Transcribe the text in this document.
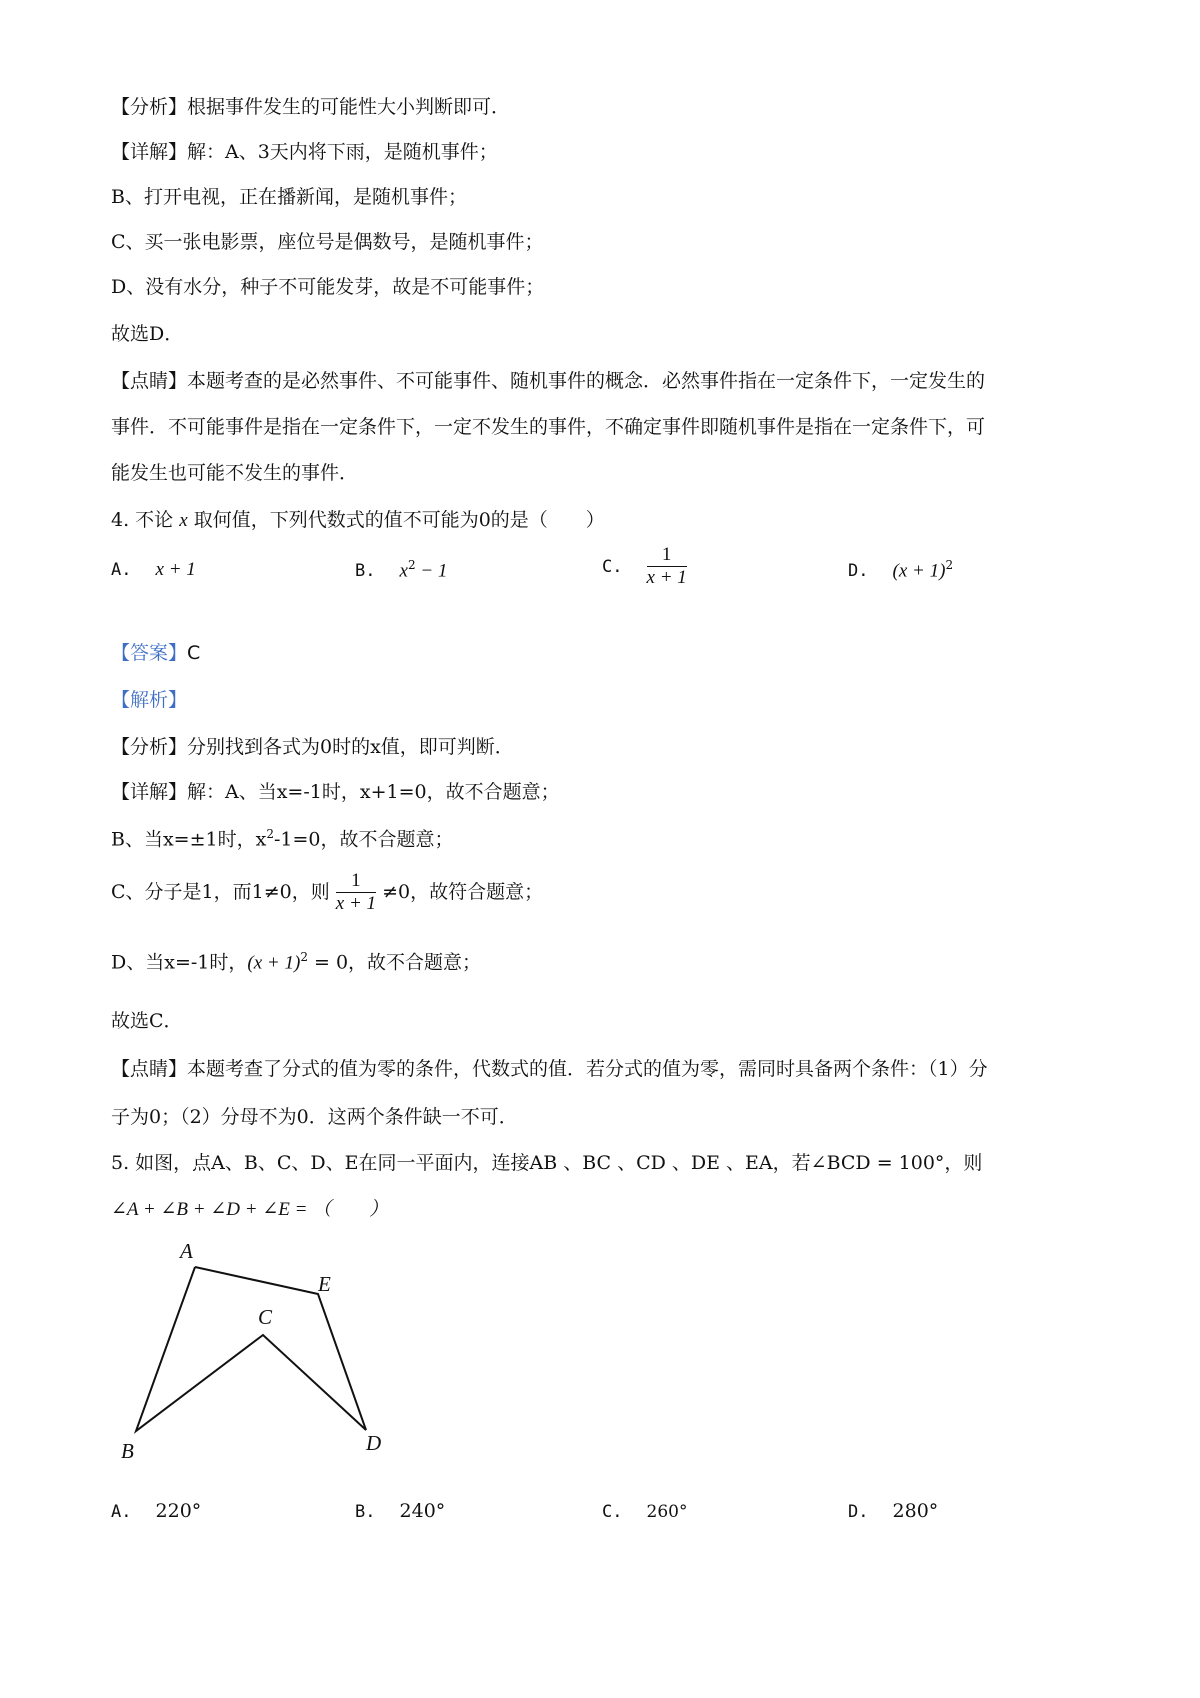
【分析】根据事件发生的可能性大小判断即可．
【详解】解：A、3天内将下雨，是随机事件；
B、打开电视，正在播新闻，是随机事件；
C、买一张电影票，座位号是偶数号，是随机事件；
D、没有水分，种子不可能发芽，故是不可能事件；
故选D．
【点睛】本题考查的是必然事件、不可能事件、随机事件的概念．必然事件指在一定条件下，一定发生的
事件．不可能事件是指在一定条件下，一定不发生的事件，不确定事件即随机事件是指在一定条件下，可
能发生也可能不发生的事件．
4. 不论 x 取何值，下列代数式的值不可能为0的是（　　）
A. x + 1	B. $x^2 - 1$	C. $\frac{1}{x + 1}$	D. $(x + 1)^2$
【答案】C
【解析】
【分析】分别找到各式为0时的x值，即可判断．
【详解】解：A、当x=-1时，x+1=0，故不合题意；
B、当x=±1时，$x^2-1=0$，故不合题意；
C、分子是1，而1≠0，则 $\frac{1}{x + 1} \ne 0$，故符合题意；
D、当x=-1时，$(x + 1)^2 = 0$，故不合题意；
故选C．
【点睛】本题考查了分式的值为零的条件，代数式的值．若分式的值为零，需同时具备两个条件：（1）分
子为0；（2）分母不为0．这两个条件缺一不可．
5. 如图，点A、B、C、D、E在同一平面内，连接AB 、BC 、CD 、DE 、EA，若∠BCD = 100°，则
∠A + ∠B + ∠D + ∠E = （　　）
A
B
C
D
E
A. 220°	B. 240°	C. 260°	D. 280°
